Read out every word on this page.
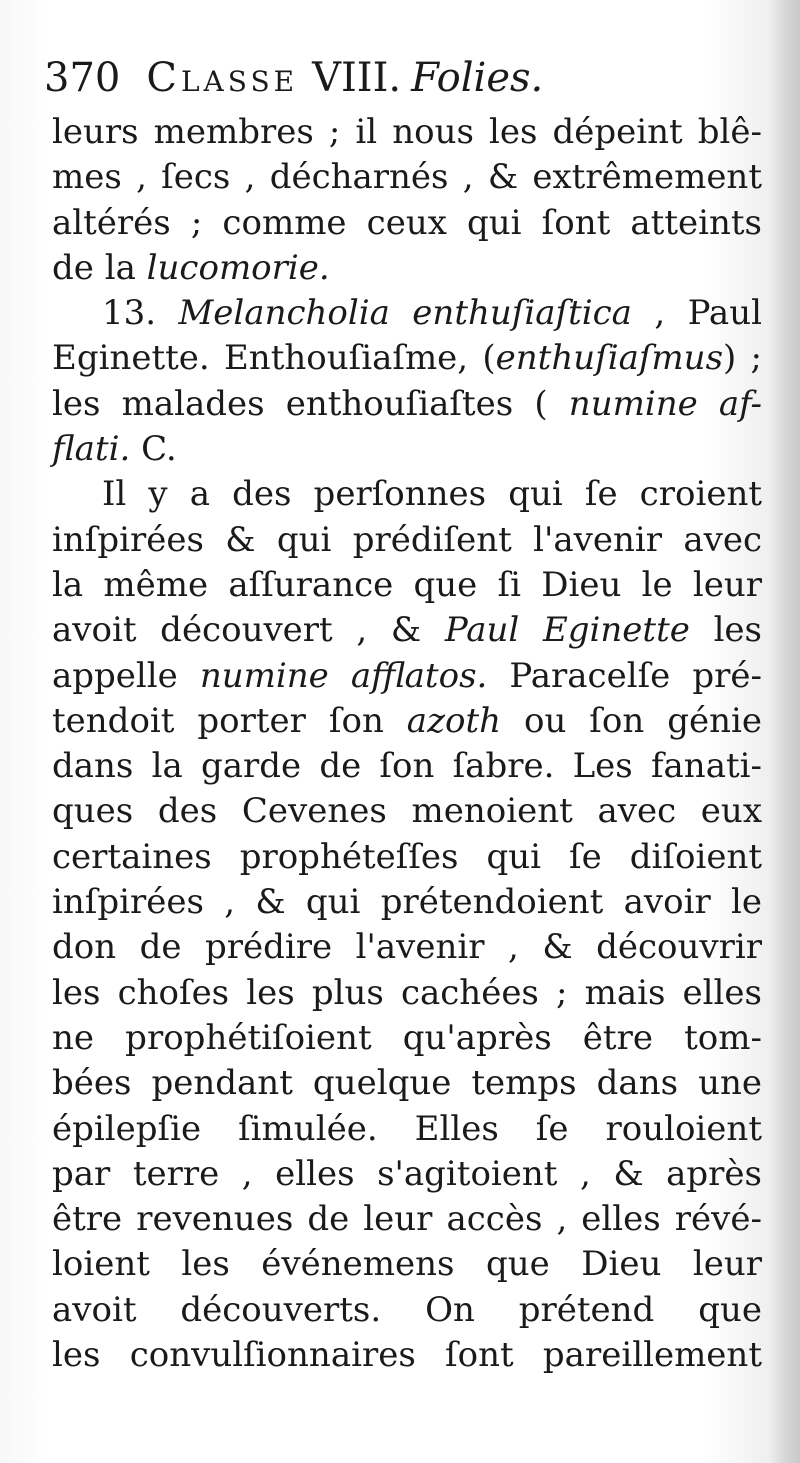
370 Classe VIII. Folies.
leurs membres ; il nous les dépeint blê-
mes , ſecs , décharnés , & extrêmement
altérés ; comme ceux qui ſont atteints
de la lucomorie.
13. Melancholia enthuſiaſtica , Paul
Eginette. Enthouſiaſme, (enthuſiaſmus) ;
les malades enthouſiaſtes ( numine af-
flati. C.
Il y a des perſonnes qui ſe croient
inſpirées & qui prédiſent l'avenir avec
la même aſſurance que ſi Dieu le leur
avoit découvert , & Paul Eginette les
appelle numine afflatos. Paracelſe pré-
tendoit porter ſon azoth ou ſon génie
dans la garde de ſon ſabre. Les fanati-
ques des Cevenes menoient avec eux
certaines prophéteſſes qui ſe diſoient
inſpirées , & qui prétendoient avoir le
don de prédire l'avenir , & découvrir
les choſes les plus cachées ; mais elles
ne prophétiſoient qu'après être tom-
bées pendant quelque temps dans une
épilepſie ſimulée. Elles ſe rouloient
par terre , elles s'agitoient , & après
être revenues de leur accès , elles révé-
loient les événemens que Dieu leur
avoit découverts. On prétend que
les convulſionnaires ſont pareillement
